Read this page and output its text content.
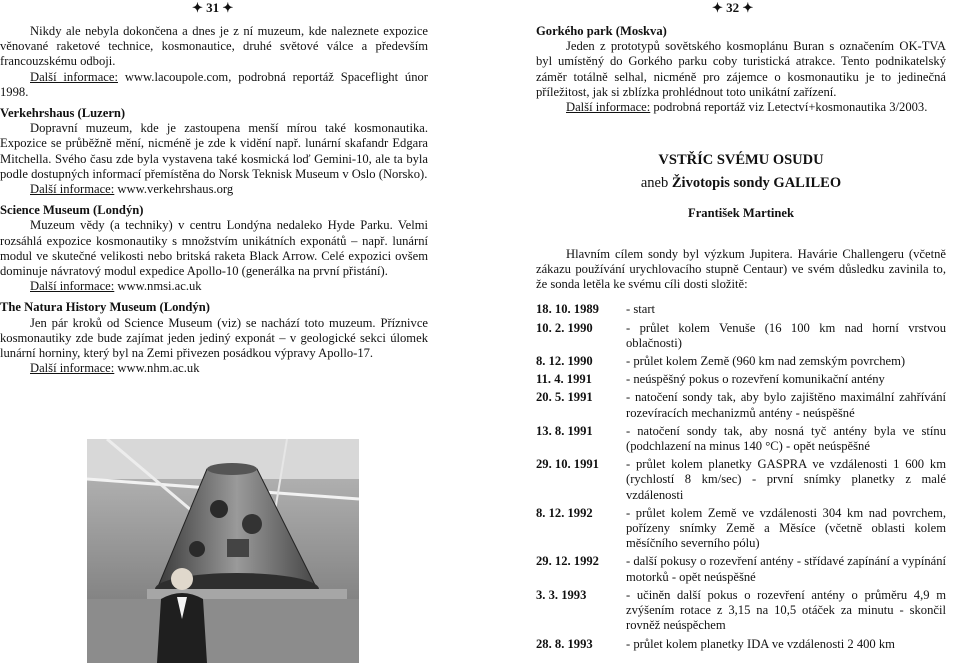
✦ 31 ✦

Nikdy ale nebyla dokončena a dnes je z ní muzeum, kde naleznete expozice věnované raketové technice, kosmonautice, druhé světové válce a především francouzskému odboji.

Další informace: www.lacoupole.com, podrobná reportáž Spaceflight únor 1998.

Verkehrshaus (Luzern)

Dopravní muzeum, kde je zastoupena menší mírou také kosmonautika. Expozice se průběžně mění, nicméně je zde k vidění např. lunární skafandr Edgara Mitchella. Svého času zde byla vystavena také kosmická loď Gemini-10, ale ta byla podle dostupných informací přemístěna do Norsk Teknisk Museum v Oslo (Norsko).

Další informace: www.verkehrshaus.org

Science Museum (Londýn)

Muzeum vědy (a techniky) v centru Londýna nedaleko Hyde Parku. Velmi rozsáhlá expozice kosmonautiky s množstvím unikátních exponátů – např. lunární modul ve skutečné velikosti nebo britská raketa Black Arrow. Celé expozici ovšem dominuje návratový modul expedice Apollo-10 (generálka na první přistání).

Další informace: www.nmsi.ac.uk

The Natura History Museum (Londýn)

Jen pár kroků od Science Museum (viz) se nachází toto muzeum. Příznivce kosmonautiky zde bude zajímat jeden jediný exponát – v geologické sekci úlomek lunární horniny, který byl na Zemi přivezen posádkou výpravy Apollo-17.

Další informace: www.nhm.ac.uk

✦ 32 ✦

Gorkého park (Moskva)

Jeden z prototypů sovětského kosmoplánu Buran s označením OK-TVA byl umístěný do Gorkého parku coby turistická atrakce. Tento podnikatelský záměr totálně selhal, nicméně pro zájemce o kosmonautiku je to jedinečná příležitost, jak si zblízka prohlédnout toto unikátní zařízení.

Další informace: podrobná reportáž viz Letectví+kosmonautika 3/2003.

VSTŘÍC SVÉMU OSUDU

aneb Životopis sondy GALILEO

František Martinek

Hlavním cílem sondy byl výzkum Jupitera. Havárie Challengeru (včetně zákazu používání urychlovacího stupně Centaur) ve svém důsledku zavinila to, že sonda letěla ke svému cíli dosti složitě:

18. 10. 1989	- start
10. 2. 1990	- průlet kolem Venuše (16 100 km nad horní vrstvou oblačnosti)
8. 12. 1990	- průlet kolem Země (960 km nad zemským povrchem)
11. 4. 1991	- neúspěšný pokus o rozevření komunikační antény
20. 5. 1991	- natočení sondy tak, aby bylo zajištěno maximální zahřívání rozevíracích mechanizmů antény - neúspěšné
13. 8. 1991	- natočení sondy tak, aby nosná tyč antény byla ve stínu (podchlazení na minus 140 °C) - opět neúspěšné
29. 10. 1991	- průlet kolem planetky GASPRA ve vzdálenosti 1 600 km (rychlostí 8 km/sec) - první snímky planetky z malé vzdálenosti
8. 12. 1992	- průlet kolem Země ve vzdálenosti 304 km nad povrchem, pořízeny snímky Země a Měsíce (včetně oblasti kolem měsíčního severního pólu)
29. 12. 1992	- další pokusy o rozevření antény - střídavé zapínání a vypínání motorků - opět neúspěšné
3. 3. 1993	- učiněn další pokus o rozevření antény o průměru 4,9 m zvýšením rotace z 3,15 na 10,5 otáček za minutu - skončil rovněž neúspěchem
28. 8. 1993	- průlet kolem planetky IDA ve vzdálenosti 2 400 km
